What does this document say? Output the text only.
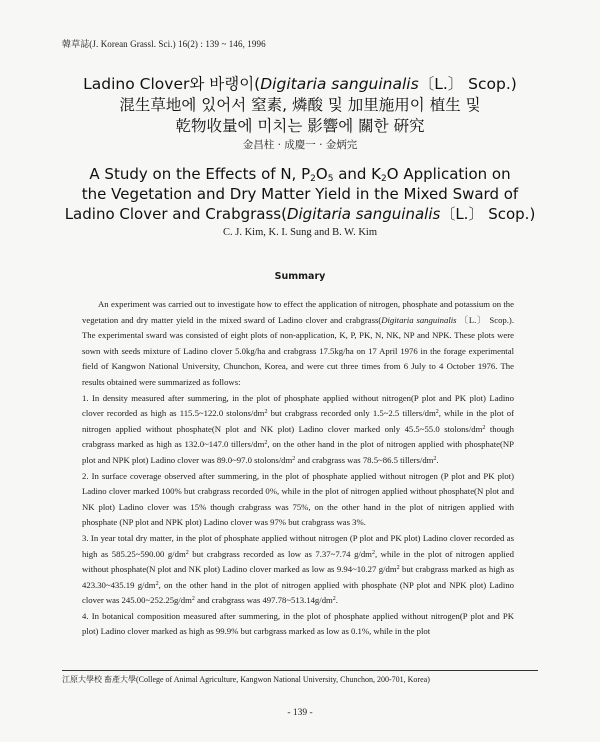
韓草誌(J. Korean Grassl. Sci.) 16(2) : 139 ~ 146, 1996
Ladino Clover와 바랭이(Digitaria sanguinalis〔L.〕 Scop.)
混生草地에 있어서 窒素, 燐酸 및 加里施用이 植生 및
乾物收量에 미치는 影響에 關한 硏究
金昌柱 · 成慶一 · 金炳完
A Study on the Effects of N, $P_2O_5$ and $K_2O$ Application on
the Vegetation and Dry Matter Yield in the Mixed Sward of
Ladino Clover and Crabgrass(Digitaria sanguinalis〔L.〕 Scop.)
C. J. Kim, K. I. Sung and B. W. Kim
Summary

An experiment was carried out to investigate how to effect the application of nitrogen, phosphate and potassium on the vegetation and dry matter yield in the mixed sward of Ladino clover and crabgrass(Digitaria sanguinalis 〔L.〕 Scop.). The experimental sward was consisted of eight plots of non-application, K, P, PK, N, NK, NP and NPK. These plots were sown with seeds mixture of Ladino clover 5.0kg/ha and crabgrass 17.5kg/ha on 17 April 1976 in the forage experimental field of Kangwon National University, Chunchon, Korea, and were cut three times from 6 July to 4 October 1976. The results obtained were summarized as follows:

1. In density measured after summering, in the plot of phosphate applied without nitrogen(P plot and PK plot) Ladino clover recorded as high as 115.5~122.0 stolons/$dm^2$ but crabgrass recorded only 1.5~2.5 tillers/$dm^2$, while in the plot of nitrogen applied without phosphate(N plot and NK plot) Ladino clover marked only 45.5~55.0 stolons/$dm^2$ though crabgrass marked as high as 132.0~147.0 tillers/$dm^2$, on the other hand in the plot of nitrogen applied with phosphate(NP plot and NPK plot) Ladino clover was 89.0~97.0 stolons/$dm^2$ and crabgrass was 78.5~86.5 tillers/$dm^2$.

2. In surface coverage observed after summering, in the plot of phosphate applied without nitrogen (P plot and PK plot) Ladino clover marked 100% but crabgrass recorded 0%, while in the plot of nitrogen applied without phosphate(N plot and NK plot) Ladino clover was 15% though crabgrass was 75%, on the other hand in the plot of nitrigen applied with phosphate (NP plot and NPK plot) Ladino clover was 97% but crabgrass was 3%.

3. In year total dry matter, in the plot of phosphate applied without nitrogen (P plot and PK plot) Ladino clover recorded as high as 585.25~590.00 $g/dm^2$ but crabgrass recorded as low as 7.37~7.74 $g/dm^2$, while in the plot of nitrogen applied without phosphate(N plot and NK plot) Ladino clover marked as low as 9.94~10.27 $g/dm^2$ but crabgrass marked as high as 423.30~435.19 $g/dm^2$, on the other hand in the plot of nitrogen applied with phosphate (NP plot and NPK plot) Ladino clover was $245.00\sim 252.25g/dm^2$ and crabgrass was $497.78\sim 513.14g/dm^2$.

4. In botanical composition measured after summering, in the plot of phosphate applied without nitrogen(P plot and PK plot) Ladino clover marked as high as 99.9% but carbgrass marked as low as 0.1%, while in the plot

江原大學校 畜產大學(College of Animal Agriculture, Kangwon National University, Chunchon, 200-701, Korea)
- 139 -
